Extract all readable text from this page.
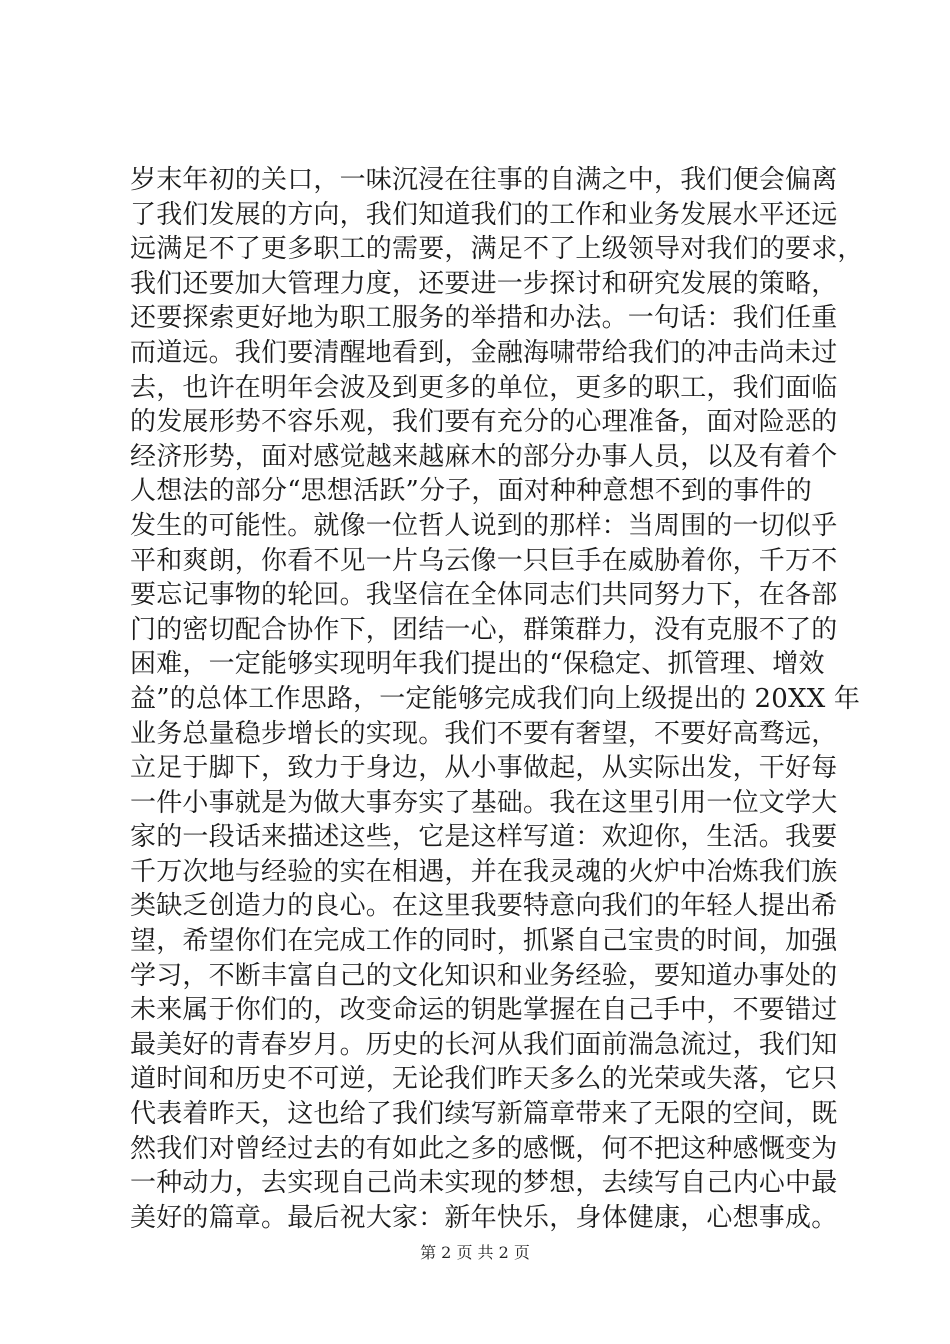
岁末年初的关口，一味沉浸在往事的自满之中，我们便会偏离
了我们发展的方向，我们知道我们的工作和业务发展水平还远
远满足不了更多职工的需要，满足不了上级领导对我们的要求，
我们还要加大管理力度，还要进一步探讨和研究发展的策略，
还要探索更好地为职工服务的举措和办法。一句话：我们任重
而道远。我们要清醒地看到，金融海啸带给我们的冲击尚未过
去，也许在明年会波及到更多的单位，更多的职工，我们面临
的发展形势不容乐观，我们要有充分的心理准备，面对险恶的
经济形势，面对感觉越来越麻木的部分办事人员，以及有着个
人想法的部分“思想活跃”分子，面对种种意想不到的事件的
发生的可能性。就像一位哲人说到的那样：当周围的一切似乎
平和爽朗，你看不见一片乌云像一只巨手在威胁着你，千万不
要忘记事物的轮回。我坚信在全体同志们共同努力下，在各部
门的密切配合协作下，团结一心，群策群力，没有克服不了的
困难，一定能够实现明年我们提出的“保稳定、抓管理、增效
益”的总体工作思路，一定能够完成我们向上级提出的 20XX 年
业务总量稳步增长的实现。我们不要有奢望，不要好高骛远，
立足于脚下，致力于身边，从小事做起，从实际出发，干好每
一件小事就是为做大事夯实了基础。我在这里引用一位文学大
家的一段话来描述这些，它是这样写道：欢迎你，生活。我要
千万次地与经验的实在相遇，并在我灵魂的火炉中冶炼我们族
类缺乏创造力的良心。在这里我要特意向我们的年轻人提出希
望，希望你们在完成工作的同时，抓紧自己宝贵的时间，加强
学习，不断丰富自己的文化知识和业务经验，要知道办事处的
未来属于你们的，改变命运的钥匙掌握在自己手中，不要错过
最美好的青春岁月。历史的长河从我们面前湍急流过，我们知
道时间和历史不可逆，无论我们昨天多么的光荣或失落，它只
代表着昨天，这也给了我们续写新篇章带来了无限的空间，既
然我们对曾经过去的有如此之多的感慨，何不把这种感慨变为
一种动力，去实现自己尚未实现的梦想，去续写自己内心中最
美好的篇章。最后祝大家：新年快乐，身体健康，心想事成。
第 2 页 共 2 页
